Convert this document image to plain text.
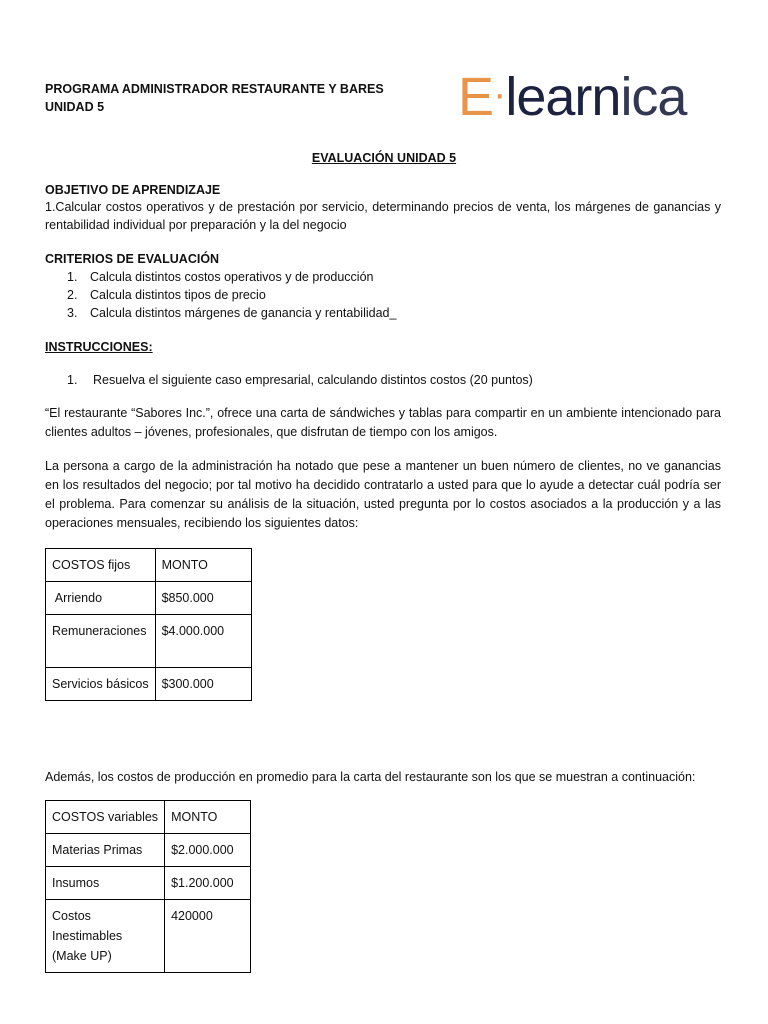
PROGRAMA ADMINISTRADOR RESTAURANTE Y BARES
UNIDAD 5	E·learnica
EVALUACIÓN UNIDAD 5
OBJETIVO DE APRENDIZAJE
1.Calcular costos operativos y de prestación por servicio, determinando precios de venta, los márgenes de ganancias y rentabilidad individual por preparación y la del negocio
CRITERIOS DE EVALUACIÓN
1. Calcula distintos costos operativos y de producción
2. Calcula distintos tipos de precio
3. Calcula distintos márgenes de ganancia y rentabilidad_
INSTRUCCIONES:
1. Resuelva el siguiente caso empresarial, calculando distintos costos (20 puntos)
“El restaurante “Sabores Inc.”, ofrece una carta de sándwiches y tablas para compartir en un ambiente intencionado para clientes adultos – jóvenes, profesionales, que disfrutan de tiempo con los amigos.
La persona a cargo de la administración ha notado que pese a mantener un buen número de clientes, no ve ganancias en los resultados del negocio; por tal motivo ha decidido contratarlo a usted para que lo ayude a detectar cuál podría ser el problema. Para comenzar su análisis de la situación, usted pregunta por lo costos asociados a la producción y a las operaciones mensuales, recibiendo los siguientes datos:
COSTOS fijos	MONTO
Arriendo	$850.000
Remuneraciones	$4.000.000
Servicios básicos	$300.000
Además, los costos de producción en promedio para la carta del restaurante son los que se muestran a continuación:
COSTOS variables	MONTO
Materias Primas	$2.000.000
Insumos	$1.200.000
Costos Inestimables (Make UP)	420000
